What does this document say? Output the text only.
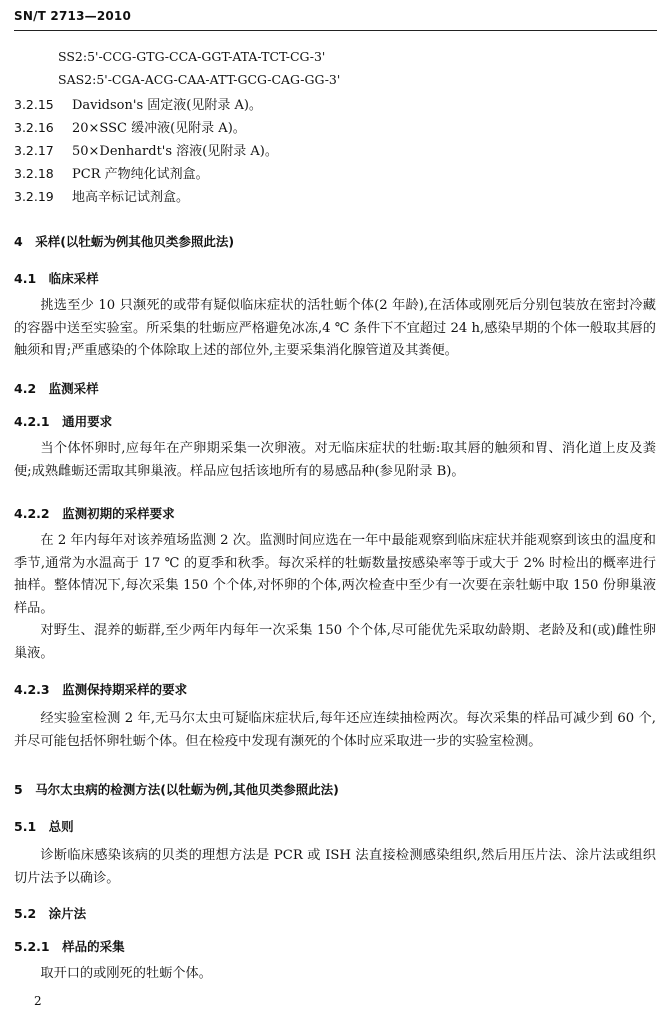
SN/T 2713—2010
SS2:5'-CCG-GTG-CCA-GGT-ATA-TCT-CG-3'
SAS2:5'-CGA-ACG-CAA-ATT-GCG-CAG-GG-3'
3.2.15 Davidson's 固定液(见附录 A)。
3.2.16 20×SSC 缓冲液(见附录 A)。
3.2.17 50×Denhardt's 溶液(见附录 A)。
3.2.18 PCR 产物纯化试剂盒。
3.2.19 地高辛标记试剂盒。
4　采样(以牡蛎为例其他贝类参照此法)
4.1　临床采样

挑选至少 10 只濒死的或带有疑似临床症状的活牡蛎个体(2 年龄),在活体或刚死后分别包装放在密封冷藏的容器中送至实验室。所采集的牡蛎应严格避免冰冻,4 ℃ 条件下不宜超过 24 h,感染早期的个体一般取其唇的触须和胃;严重感染的个体除取上述的部位外,主要采集消化腺管道及其粪便。

4.2　监测采样
4.2.1　通用要求

当个体怀卵时,应每年在产卵期采集一次卵液。对无临床症状的牡蛎:取其唇的触须和胃、消化道上皮及粪便;成熟雌蛎还需取其卵巢液。样品应包括该地所有的易感品种(参见附录 B)。

4.2.2　监测初期的采样要求

在 2 年内每年对该养殖场监测 2 次。监测时间应选在一年中最能观察到临床症状并能观察到该虫的温度和季节,通常为水温高于 17 ℃ 的夏季和秋季。每次采样的牡蛎数量按感染率等于或大于 2% 时检出的概率进行抽样。整体情况下,每次采集 150 个个体,对怀卵的个体,两次检查中至少有一次要在亲牡蛎中取 150 份卵巢液样品。

对野生、混养的蛎群,至少两年内每年一次采集 150 个个体,尽可能优先采取幼龄期、老龄及和(或)雌性卵巢液。

4.2.3　监测保持期采样的要求

经实验室检测 2 年,无马尔太虫可疑临床症状后,每年还应连续抽检两次。每次采集的样品可减少到 60 个,并尽可能包括怀卵牡蛎个体。但在检疫中发现有濒死的个体时应采取进一步的实验室检测。

5　马尔太虫病的检测方法(以牡蛎为例,其他贝类参照此法)
5.1　总则

诊断临床感染该病的贝类的理想方法是 PCR 或 ISH 法直接检测感染组织,然后用压片法、涂片法或组织切片法予以确诊。

5.2　涂片法
5.2.1　样品的采集

取开口的或刚死的牡蛎个体。

2
